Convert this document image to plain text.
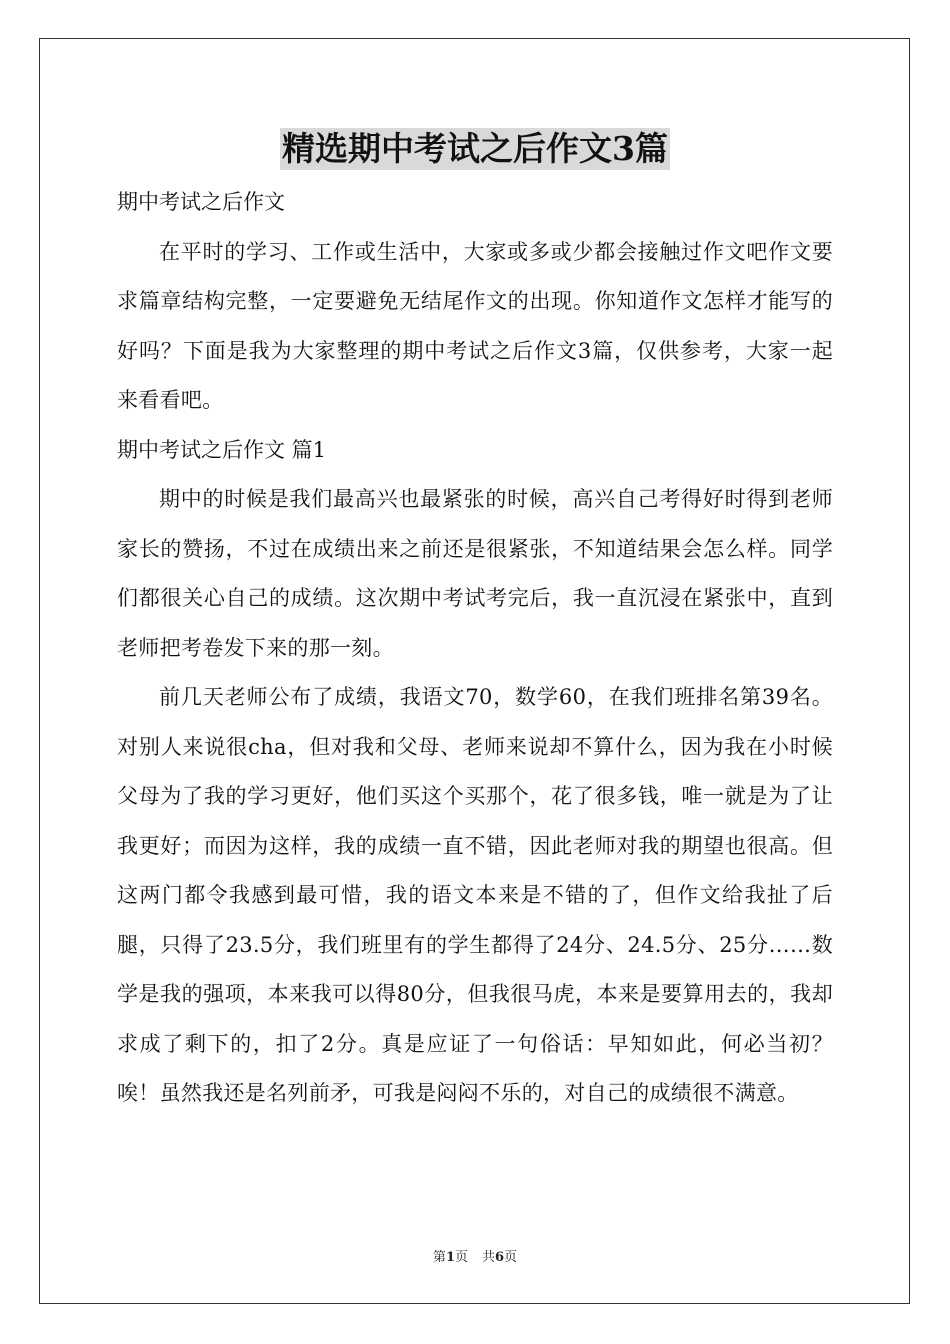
精选期中考试之后作文3篇
期中考试之后作文

在平时的学习、工作或生活中，大家或多或少都会接触过作文吧作文要求篇章结构完整，一定要避免无结尾作文的出现。你知道作文怎样才能写的好吗？下面是我为大家整理的期中考试之后作文3篇，仅供参考，大家一起来看看吧。

期中考试之后作文 篇1

期中的时候是我们最高兴也最紧张的时候，高兴自己考得好时得到老师家长的赞扬，不过在成绩出来之前还是很紧张，不知道结果会怎么样。同学们都很关心自己的成绩。这次期中考试考完后，我一直沉浸在紧张中，直到老师把考卷发下来的那一刻。

前几天老师公布了成绩，我语文70，数学60，在我们班排名第39名。对别人来说很cha，但对我和父母、老师来说却不算什么，因为我在小时候父母为了我的学习更好，他们买这个买那个，花了很多钱，唯一就是为了让我更好；而因为这样，我的成绩一直不错，因此老师对我的期望也很高。但这两门都令我感到最可惜，我的语文本来是不错的了，但作文给我扯了后腿，只得了23.5分，我们班里有的学生都得了24分、24.5分、25分……数学是我的强项，本来我可以得80分，但我很马虎，本来是要算用去的，我却求成了剩下的，扣了2分。真是应证了一句俗话：早知如此，何必当初？唉！虽然我还是名列前矛，可我是闷闷不乐的，对自己的成绩很不满意。

第1页 共6页
